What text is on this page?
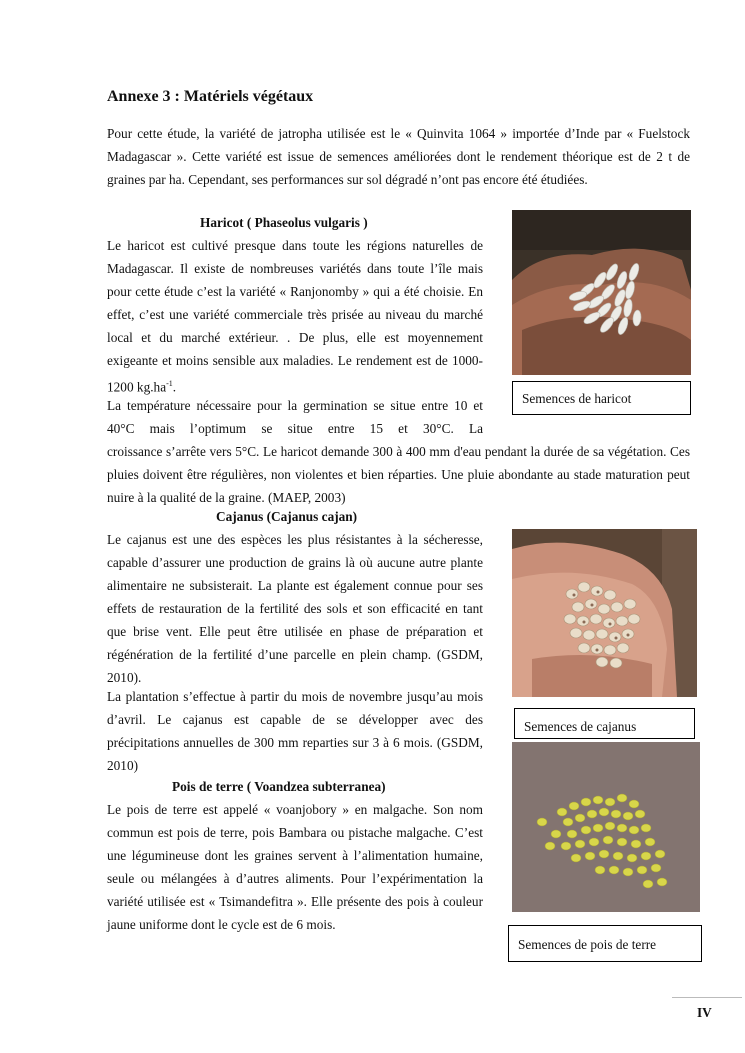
Annexe 3 : Matériels végétaux

Pour cette étude, la variété de jatropha utilisée est le « Quinvita 1064 » importée d’Inde par « Fuelstock Madagascar ». Cette variété est issue de semences améliorées dont le rendement théorique est de 2 t de graines par ha. Cependant, ses performances sur sol dégradé n’ont pas encore été étudiées.

Haricot ( Phaseolus vulgaris )

Le haricot est cultivé presque dans toute les régions naturelles de Madagascar. Il existe de nombreuses variétés dans toute l’île mais pour cette étude c’est la variété « Ranjonomby » qui a été choisie. En effet, c’est une variété commerciale très prisée au niveau du marché local et du marché extérieur. . De plus, elle est moyennement exigeante et moins sensible aux maladies. Le rendement est de 1000-1200 $kg.ha^{-1}$.

La température nécessaire pour la germination se situe entre 10 et 40°C mais l’optimum se situe entre 15 et 30°C. La

croissance s’arrête vers 5°C. Le haricot demande 300 à 400 mm d'eau pendant la durée de sa végétation. Ces pluies doivent être régulières, non violentes et bien réparties. Une pluie abondante au stade maturation peut nuire à la qualité de la graine. (MAEP, 2003)

Semences de haricot
Cajanus (Cajanus cajan)

Le cajanus est une des espèces les plus résistantes à la sécheresse, capable d’assurer une production de grains là où aucune autre plante alimentaire ne subsisterait. La plante est également connue pour ses effets de restauration de la fertilité des sols et son efficacité en tant que brise vent. Elle peut être utilisée en phase de préparation et régénération de la fertilité d’une parcelle en plein champ. (GSDM, 2010).

La plantation s’effectue à partir du mois de novembre jusqu’au mois d’avril. Le cajanus est capable de se développer avec des précipitations annuelles de 300 mm reparties sur 3 à 6 mois. (GSDM, 2010)

Semences de cajanus
Pois de terre ( Voandzea subterranea)

Le pois de terre est appelé « voanjobory » en malgache. Son nom commun est pois de terre, pois Bambara ou pistache malgache. C’est une légumineuse dont les graines servent à l’alimentation humaine, seule ou mélangées à d’autres aliments. Pour l’expérimentation la variété utilisée est « Tsimandefitra ». Elle présente des pois à couleur jaune uniforme dont le cycle est de 6 mois.

Semences de pois de terre
IV
